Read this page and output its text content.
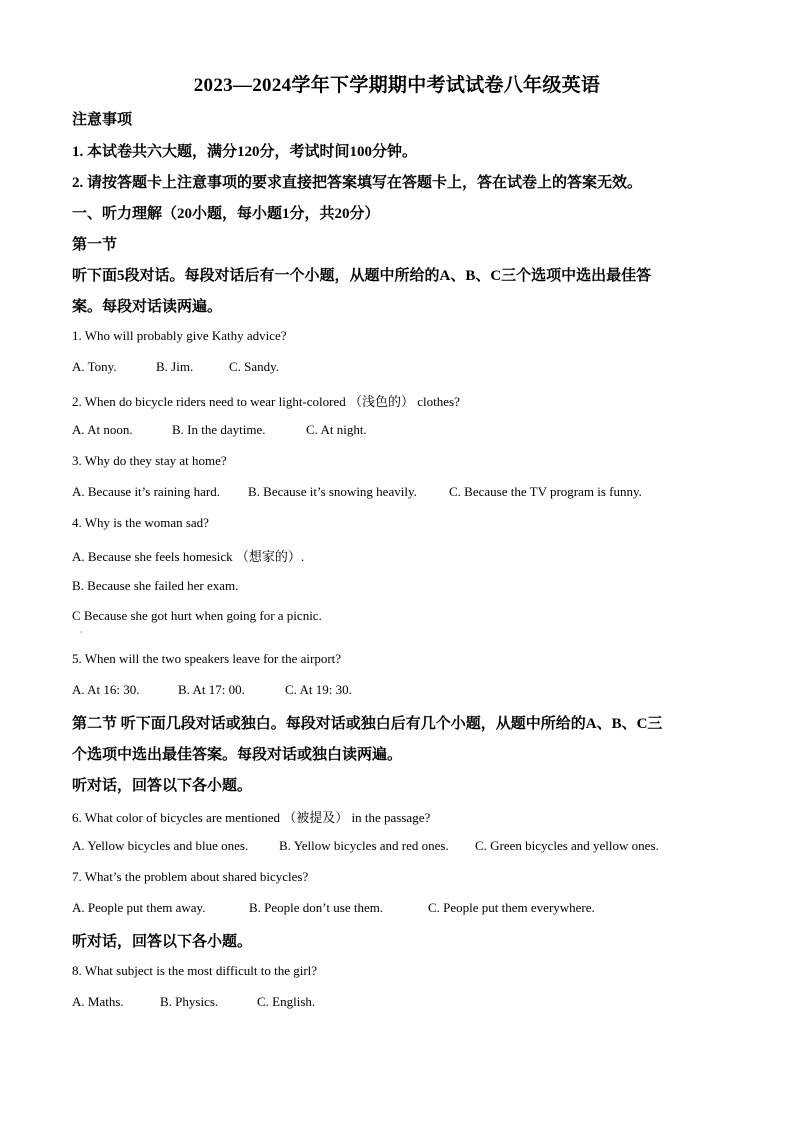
2023—2024学年下学期期中考试试卷八年级英语
注意事项
1. 本试卷共六大题，满分120分，考试时间100分钟。
2. 请按答题卡上注意事项的要求直接把答案填写在答题卡上，答在试卷上的答案无效。
一、听力理解（20小题，每小题1分，共20分）
第一节
听下面5段对话。每段对话后有一个小题，从题中所给的A、B、C三个选项中选出最佳答
案。每段对话读两遍。
1. Who will probably give Kathy advice?
A. Tony.	B. Jim.	C. Sandy.
2. When do bicycle riders need to wear light-colored （浅色的） clothes?
A. At noon.	B. In the daytime.	C. At night.
3. Why do they stay at home?
A. Because it’s raining hard. B. Because it’s snowing heavily. C. Because the TV program is funny.
4. Why is the woman sad?
A. Because she feels homesick （想家的）.
B. Because she failed her exam.
C Because she got hurt when going for a picnic.
·
5. When will the two speakers leave for the airport?
A. At 16: 30.	B. At 17: 00.	C. At 19: 30.
第二节 听下面几段对话或独白。每段对话或独白后有几个小题，从题中所给的A、B、C三
个选项中选出最佳答案。每段对话或独白读两遍。
听对话，回答以下各小题。
6. What color of bicycles are mentioned （被提及） in the passage?
A. Yellow bicycles and blue ones. B. Yellow bicycles and red ones. C. Green bicycles and yellow ones.
7. What’s the problem about shared bicycles?
A. People put them away.	B. People don’t use them.	C. People put them everywhere.
听对话，回答以下各小题。
8. What subject is the most difficult to the girl?
A. Maths.	B. Physics.	C. English.
